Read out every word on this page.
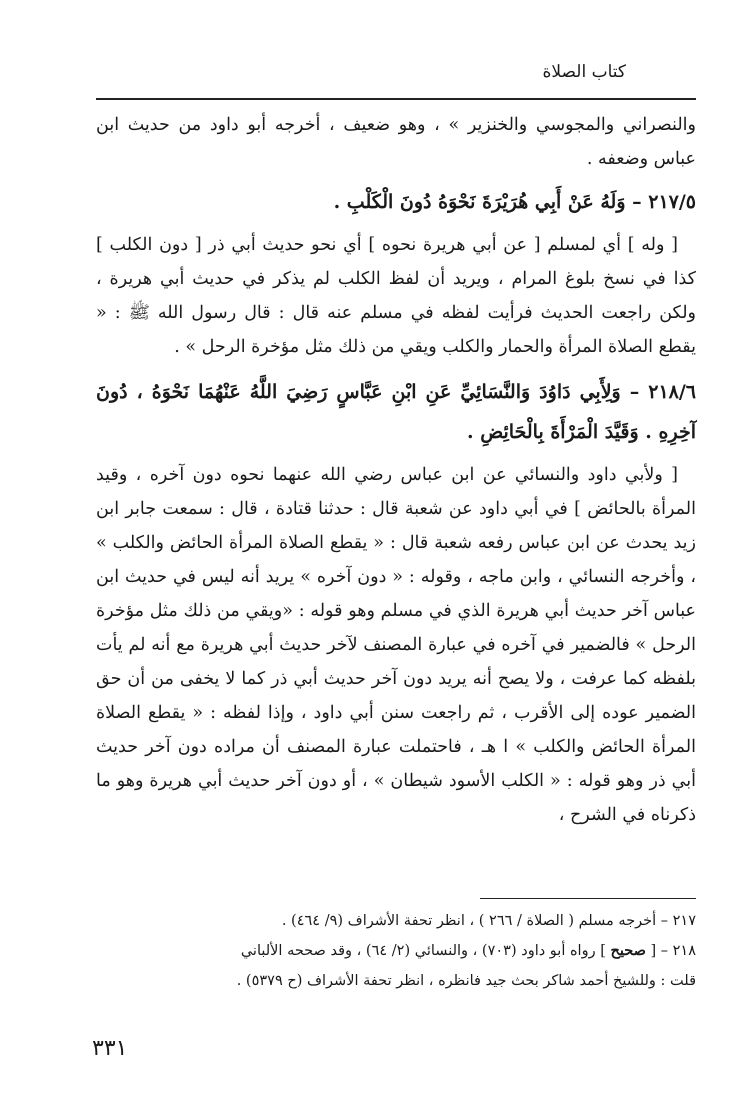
كتاب الصلاة

والنصراني والمجوسي والخنزير » ، وهو ضعيف ، أخرجه أبو داود من حديث ابن عباس وضعفه .

٢١٧/٥ – وَلَهُ عَنْ أَبِي هُرَيْرَةَ نَحْوَهُ دُونَ الْكَلْبِ .

[ وله ] أي لمسلم [ عن أبي هريرة نحوه ] أي نحو حديث أبي ذر [ دون الكلب ] كذا في نسخ بلوغ المرام ، ويريد أن لفظ الكلب لم يذكر في حديث أبي هريرة ، ولكن راجعت الحديث فرأيت لفظه في مسلم عنه قال : قال رسول الله ﷺ : « يقطع الصلاة المرأة والحمار والكلب ويقي من ذلك مثل مؤخرة الرحل » .

٢١٨/٦ – وَلِأَبِي دَاوُدَ وَالنَّسَائِيِّ عَنِ ابْنِ عَبَّاسٍ رَضِيَ اللَّهُ عَنْهُمَا نَحْوَهُ ، دُونَ آخِرِهِ . وَقَيَّدَ الْمَرْأَةَ بِالْحَائِضِ .

[ ولأبي داود والنسائي عن ابن عباس رضي الله عنهما نحوه دون آخره ، وقيد المرأة بالحائض ] في أبي داود عن شعبة قال : حدثنا قتادة ، قال : سمعت جابر ابن زيد يحدث عن ابن عباس رفعه شعبة قال : « يقطع الصلاة المرأة الحائض والكلب » ، وأخرجه النسائي ، وابن ماجه ، وقوله : « دون آخره » يريد أنه ليس في حديث ابن عباس آخر حديث أبي هريرة الذي في مسلم وهو قوله : «ويقي من ذلك مثل مؤخرة الرحل » فالضمير في آخره في عبارة المصنف لآخر حديث أبي هريرة مع أنه لم يأت بلفظه كما عرفت ، ولا يصح أنه يريد دون آخر حديث أبي ذر كما لا يخفى من أن حق الضمير عوده إلى الأقرب ، ثم راجعت سنن أبي داود ، وإذا لفظه : « يقطع الصلاة المرأة الحائض والكلب » ا هـ ، فاحتملت عبارة المصنف أن مراده دون آخر حديث أبي ذر وهو قوله : « الكلب الأسود شيطان » ، أو دون آخر حديث أبي هريرة وهو ما ذكرناه في الشرح ،

٢١٧ – أخرجه مسلم ( الصلاة / ٢٦٦ ) ، انظر تحفة الأشراف (٩/ ٤٦٤) .

٢١٨ – [ صحيح ] رواه أبو داود (٧٠٣) ، والنسائي (٢/ ٦٤) ، وقد صححه الألباني

قلت : وللشيخ أحمد شاكر بحث جيد فانظره ، انظر تحفة الأشراف (ح ٥٣٧٩) .

٣٣١
